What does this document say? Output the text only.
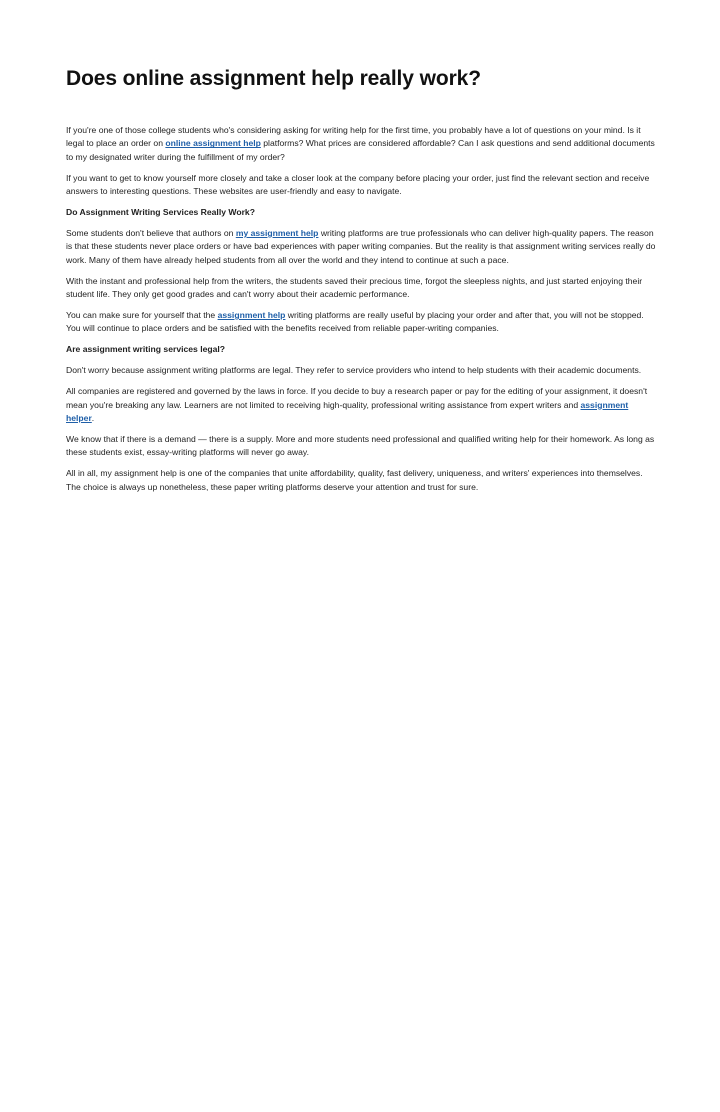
Does online assignment help really work?

If you're one of those college students who's considering asking for writing help for the first time, you probably have a lot of questions on your mind. Is it legal to place an order on online assignment help platforms? What prices are considered affordable? Can I ask questions and send additional documents to my designated writer during the fulfillment of my order?

If you want to get to know yourself more closely and take a closer look at the company before placing your order, just find the relevant section and receive answers to interesting questions. These websites are user-friendly and easy to navigate.

Do Assignment Writing Services Really Work?

Some students don't believe that authors on my assignment help writing platforms are true professionals who can deliver high-quality papers. The reason is that these students never place orders or have bad experiences with paper writing companies. But the reality is that assignment writing services really do work. Many of them have already helped students from all over the world and they intend to continue at such a pace.

With the instant and professional help from the writers, the students saved their precious time, forgot the sleepless nights, and just started enjoying their student life. They only get good grades and can't worry about their academic performance.

You can make sure for yourself that the assignment help writing platforms are really useful by placing your order and after that, you will not be stopped. You will continue to place orders and be satisfied with the benefits received from reliable paper-writing companies.

Are assignment writing services legal?

Don't worry because assignment writing platforms are legal. They refer to service providers who intend to help students with their academic documents.

All companies are registered and governed by the laws in force. If you decide to buy a research paper or pay for the editing of your assignment, it doesn't mean you're breaking any law. Learners are not limited to receiving high-quality, professional writing assistance from expert writers and assignment helper.

We know that if there is a demand — there is a supply. More and more students need professional and qualified writing help for their homework. As long as these students exist, essay-writing platforms will never go away.

All in all, my assignment help is one of the companies that unite affordability, quality, fast delivery, uniqueness, and writers' experiences into themselves. The choice is always up nonetheless, these paper writing platforms deserve your attention and trust for sure.
